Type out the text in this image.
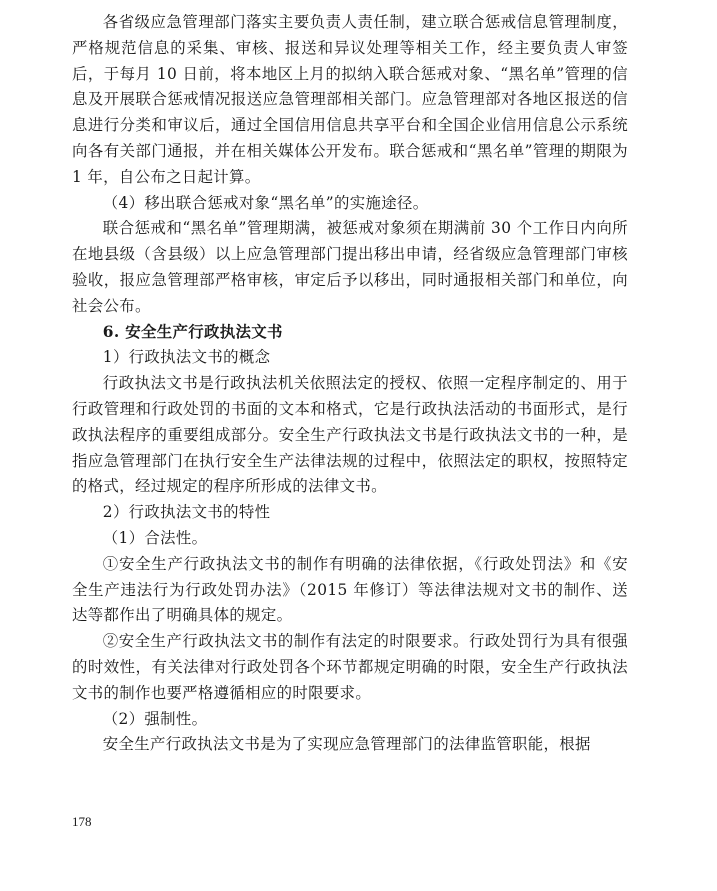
各省级应急管理部门落实主要负责人责任制，建立联合惩戒信息管理制度，严格规范信息的采集、审核、报送和异议处理等相关工作，经主要负责人审签后，于每月 10 日前，将本地区上月的拟纳入联合惩戒对象、“黑名单”管理的信息及开展联合惩戒情况报送应急管理部相关部门。应急管理部对各地区报送的信息进行分类和审议后，通过全国信用信息共享平台和全国企业信用信息公示系统向各有关部门通报，并在相关媒体公开发布。联合惩戒和“黑名单”管理的期限为 1 年，自公布之日起计算。

（4）移出联合惩戒对象“黑名单”的实施途径。

联合惩戒和“黑名单”管理期满，被惩戒对象须在期满前 30 个工作日内向所在地县级（含县级）以上应急管理部门提出移出申请，经省级应急管理部门审核验收，报应急管理部严格审核，审定后予以移出，同时通报相关部门和单位，向社会公布。

6. 安全生产行政执法文书

1）行政执法文书的概念

行政执法文书是行政执法机关依照法定的授权、依照一定程序制定的、用于行政管理和行政处罚的书面的文本和格式，它是行政执法活动的书面形式，是行政执法程序的重要组成部分。安全生产行政执法文书是行政执法文书的一种，是指应急管理部门在执行安全生产法律法规的过程中，依照法定的职权，按照特定的格式，经过规定的程序所形成的法律文书。

2）行政执法文书的特性

（1）合法性。

①安全生产行政执法文书的制作有明确的法律依据，《行政处罚法》和《安全生产违法行为行政处罚办法》（2015 年修订）等法律法规对文书的制作、送达等都作出了明确具体的规定。

②安全生产行政执法文书的制作有法定的时限要求。行政处罚行为具有很强的时效性，有关法律对行政处罚各个环节都规定明确的时限，安全生产行政执法文书的制作也要严格遵循相应的时限要求。

（2）强制性。

安全生产行政执法文书是为了实现应急管理部门的法律监管职能，根据

178
